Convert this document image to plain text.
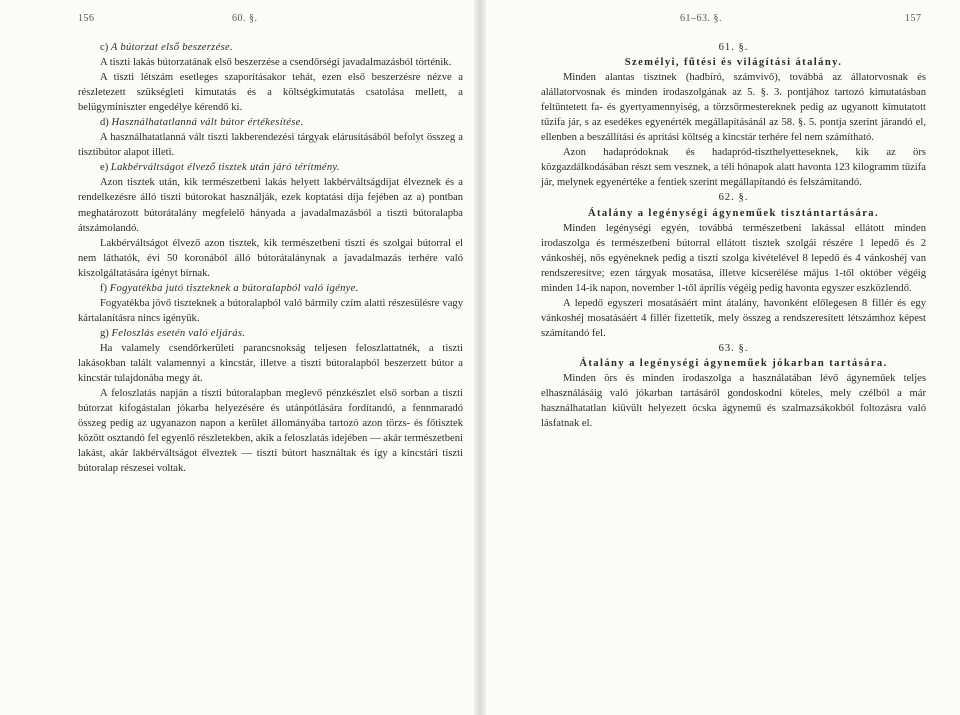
156	60. §.

c) A bútorzat első beszerzése.

A tiszti lakás bútorzatának első beszerzése a csendőrségi javadalmazásból történik.

A tiszti létszám esetleges szaporításakor tehát, ezen első beszerzésre nézve a részletezett szükségleti kimutatás és a költségkimutatás csatolása mellett, a belügyminiszter engedélye kérendő ki.

d) Használhatatlanná vált bútor értékesítése.

A használhatatlanná vált tiszti lakberendezési tárgyak elárusításából befolyt összeg a tisztibútor alapot illeti.

e) Lakbérváltságot élvező tisztek után járó térítmény.

Azon tisztek után, kik természetbeni lakás helyett lakbérváltságdíjat élveznek és a rendelkezésre álló tiszti bútorokat használják, ezek koptatási díja fejében az a) pontban meghatározott bútorátalány megfelelő hányada a javadalmazásból a tiszti bútoralapba átszámolandó.

Lakbérváltságot élvező azon tisztek, kik természetbeni tiszti és szolgai bútorral el nem láthatók, évi 50 koronából álló bútorátalánynak a javadalmazás terhére való kiszolgáltatására igényt bírnak.

f) Fogyatékba jutó tiszteknek a bútoralapból való igénye.

Fogyatékba jövő tiszteknek a bútoralapból való bármily czím alatti részesülésre vagy kártalanításra nincs igényük.

g) Feloszlás esetén való eljárás.

Ha valamely csendőrkerületi parancsnokság teljesen feloszlattatnék, a tiszti lakásokban talált valamennyi a kincstár, illetve a tiszti bútoralapból beszerzett bútor a kincstár tulajdonába megy át.

A feloszlatás napján a tiszti bútoralapban meglevő pénzkészlet első sorban a tiszti bútorzat kifogástalan jókarba helyezésére és utánpótlására fordítandó, a fennmaradó összeg pedig az ugyanazon napon a kerület állományába tartozó azon törzs- és főtisztek között osztandó fel egyenlő részletekben, akik a feloszlatás idejében — akár természetbeni lakást, akár lakbérváltságot élveztek — tiszti bútort használtak és így a kincstári tiszti bútoralap részesei voltak.

61–63. §.	157

61. §.

Személyi, fűtési és világítási átalány.

Minden alantas tisztnek (hadbíró, számvivő), továbbá az állatorvosnak és alállatorvosnak és minden irodaszolgának az 5. §. 3. pontjához tartozó kimutatásban feltüntetett fa- és gyertyamennyiség, a törzsőrmestereknek pedig az ugyanott kimutatott tűzifa jár, s az esedékes egyenérték megállapításánál az 58. §. 5. pontja szerint járandó el, ellenben a beszállítási és aprítási költség a kincstár terhére fel nem számítható.

Azon hadapródoknak és hadapród-tiszthelyetteseknek, kik az örs közgazdálkodásában részt sem vesznek, a téli hónapok alatt havonta 123 kilogramm tűzifa jár, melynek egyenértéke a fentiek szerint megállapítandó és felszámítandó.

62. §.

Átalány a legénységi ágyneműek tisztántartására.

Minden legénységi egyén, továbbá természetbeni lakással ellátott minden irodaszolga és természetbeni bútorral ellátott tisztek szolgái részére 1 lepedő és 2 vánkoshéj, nős egyéneknek pedig a tiszti szolga kivételével 8 lepedő és 4 vánkoshéj van rendszeresítve; ezen tárgyak mosatása, illetve kicserélése május 1-től október végéig minden 14-ik napon, november 1-től április végéig pedig havonta egyszer eszközlendő.

A lepedő egyszeri mosatásáért mint átalány, havonként előlegesen 8 fillér és egy vánkoshéj mosatásáért 4 fillér fizettetik, mely összeg a rendszeresített létszámhoz képest számítandó fel.

63. §.

Átalány a legénységi ágyneműek jókarban tartására.

Minden örs és minden irodaszolga a használatában lévő ágyneműek teljes elhasználásáig való jókarban tartásáról gondoskodni köteles, mely czélból a már használhatatlan kiüvült helyezett ócska ágynemű és szalmazsákokból foltozásra való lásfatnak el.
